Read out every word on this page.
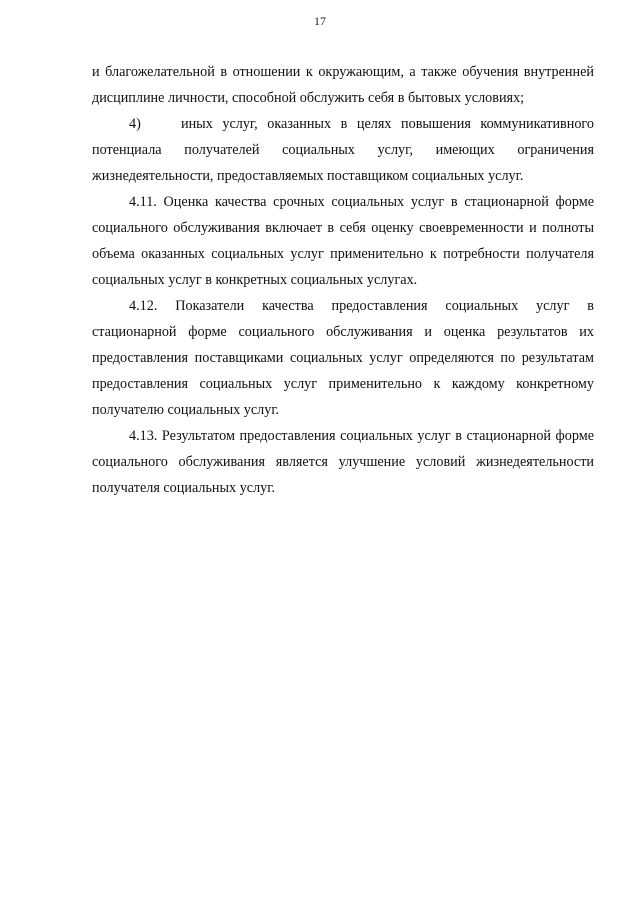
17

и благожелательной в отношении к окружающим, а также обучения внутренней дисциплине личности, способной обслужить себя в бытовых условиях;

4)	иных услуг, оказанных в целях повышения коммуникативного потенциала получателей социальных услуг, имеющих ограничения жизнедеятельности, предоставляемых поставщиком социальных услуг.

4.11. Оценка качества срочных социальных услуг в стационарной форме социального обслуживания включает в себя оценку своевременности и полноты объема оказанных социальных услуг применительно к потребности получателя социальных услуг в конкретных социальных услугах.

4.12. Показатели качества предоставления социальных услуг в стационарной форме социального обслуживания и оценка результатов их предоставления поставщиками социальных услуг определяются по результатам предоставления социальных услуг применительно к каждому конкретному получателю социальных услуг.

4.13. Результатом предоставления социальных услуг в стационарной форме социального обслуживания является улучшение условий жизнедеятельности получателя социальных услуг.
